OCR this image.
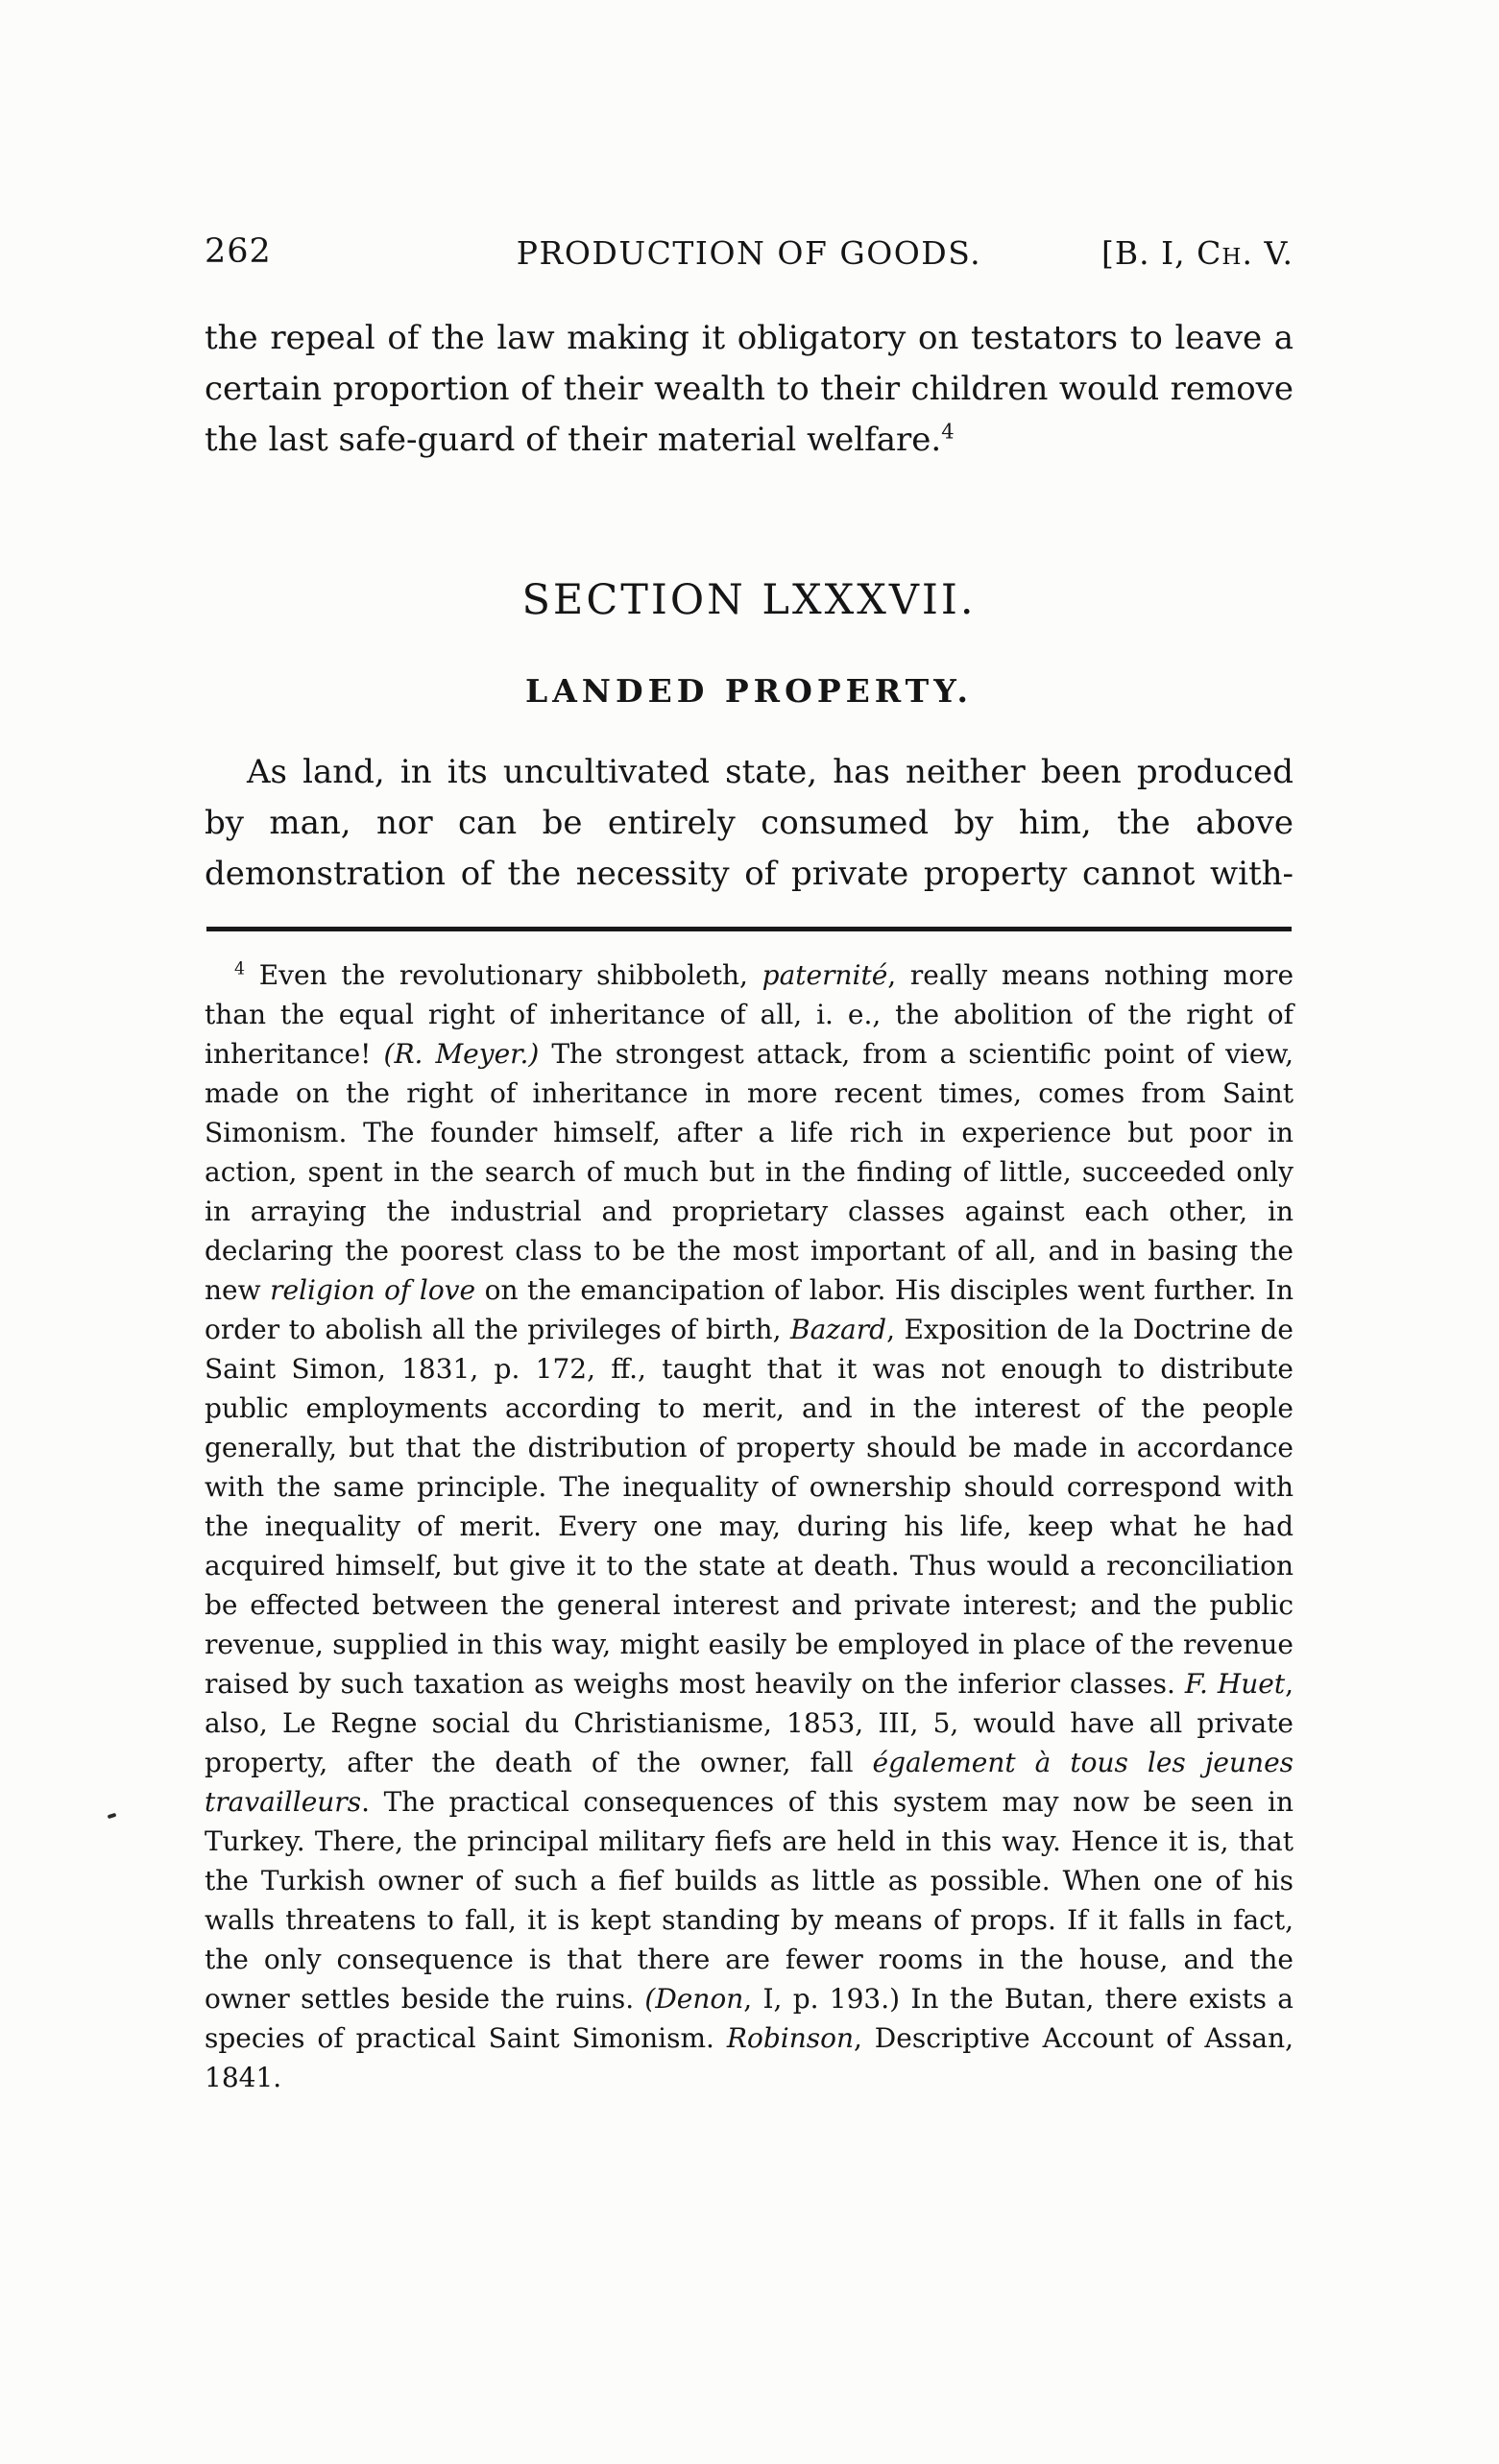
262	PRODUCTION OF GOODS.	[B. I, Ch. V.
the repeal of the law making it obligatory on testators to leave a certain proportion of their wealth to their children would remove the last safe-guard of their material welfare.$^4$
SECTION LXXXVII.
LANDED PROPERTY.
As land, in its uncultivated state, has neither been produced by man, nor can be entirely consumed by him, the above demonstration of the necessity of private property cannot with-
$^4$ Even the revolutionary shibboleth, paternité, really means nothing more than the equal right of inheritance of all, i. e., the abolition of the right of inheritance! (R. Meyer.) The strongest attack, from a scientific point of view, made on the right of inheritance in more recent times, comes from Saint Simonism. The founder himself, after a life rich in experience but poor in action, spent in the search of much but in the finding of little, succeeded only in arraying the industrial and proprietary classes against each other, in declaring the poorest class to be the most important of all, and in basing the new religion of love on the emancipation of labor. His disciples went further. In order to abolish all the privileges of birth, Bazard, Exposition de la Doctrine de Saint Simon, 1831, p. 172, ff., taught that it was not enough to distribute public employments according to merit, and in the interest of the people generally, but that the distribution of property should be made in accordance with the same principle. The inequality of ownership should correspond with the inequality of merit. Every one may, during his life, keep what he had acquired himself, but give it to the state at death. Thus would a reconciliation be effected between the general interest and private interest; and the public revenue, supplied in this way, might easily be employed in place of the revenue raised by such taxation as weighs most heavily on the inferior classes. F. Huet, also, Le Regne social du Christianisme, 1853, III, 5, would have all private property, after the death of the owner, fall également à tous les jeunes travailleurs. The practical consequences of this system may now be seen in Turkey. There, the principal military fiefs are held in this way. Hence it is, that the Turkish owner of such a fief builds as little as possible. When one of his walls threatens to fall, it is kept standing by means of props. If it falls in fact, the only consequence is that there are fewer rooms in the house, and the owner settles beside the ruins. (Denon, I, p. 193.) In the Butan, there exists a species of practical Saint Simonism. Robinson, Descriptive Account of Assan, 1841.
